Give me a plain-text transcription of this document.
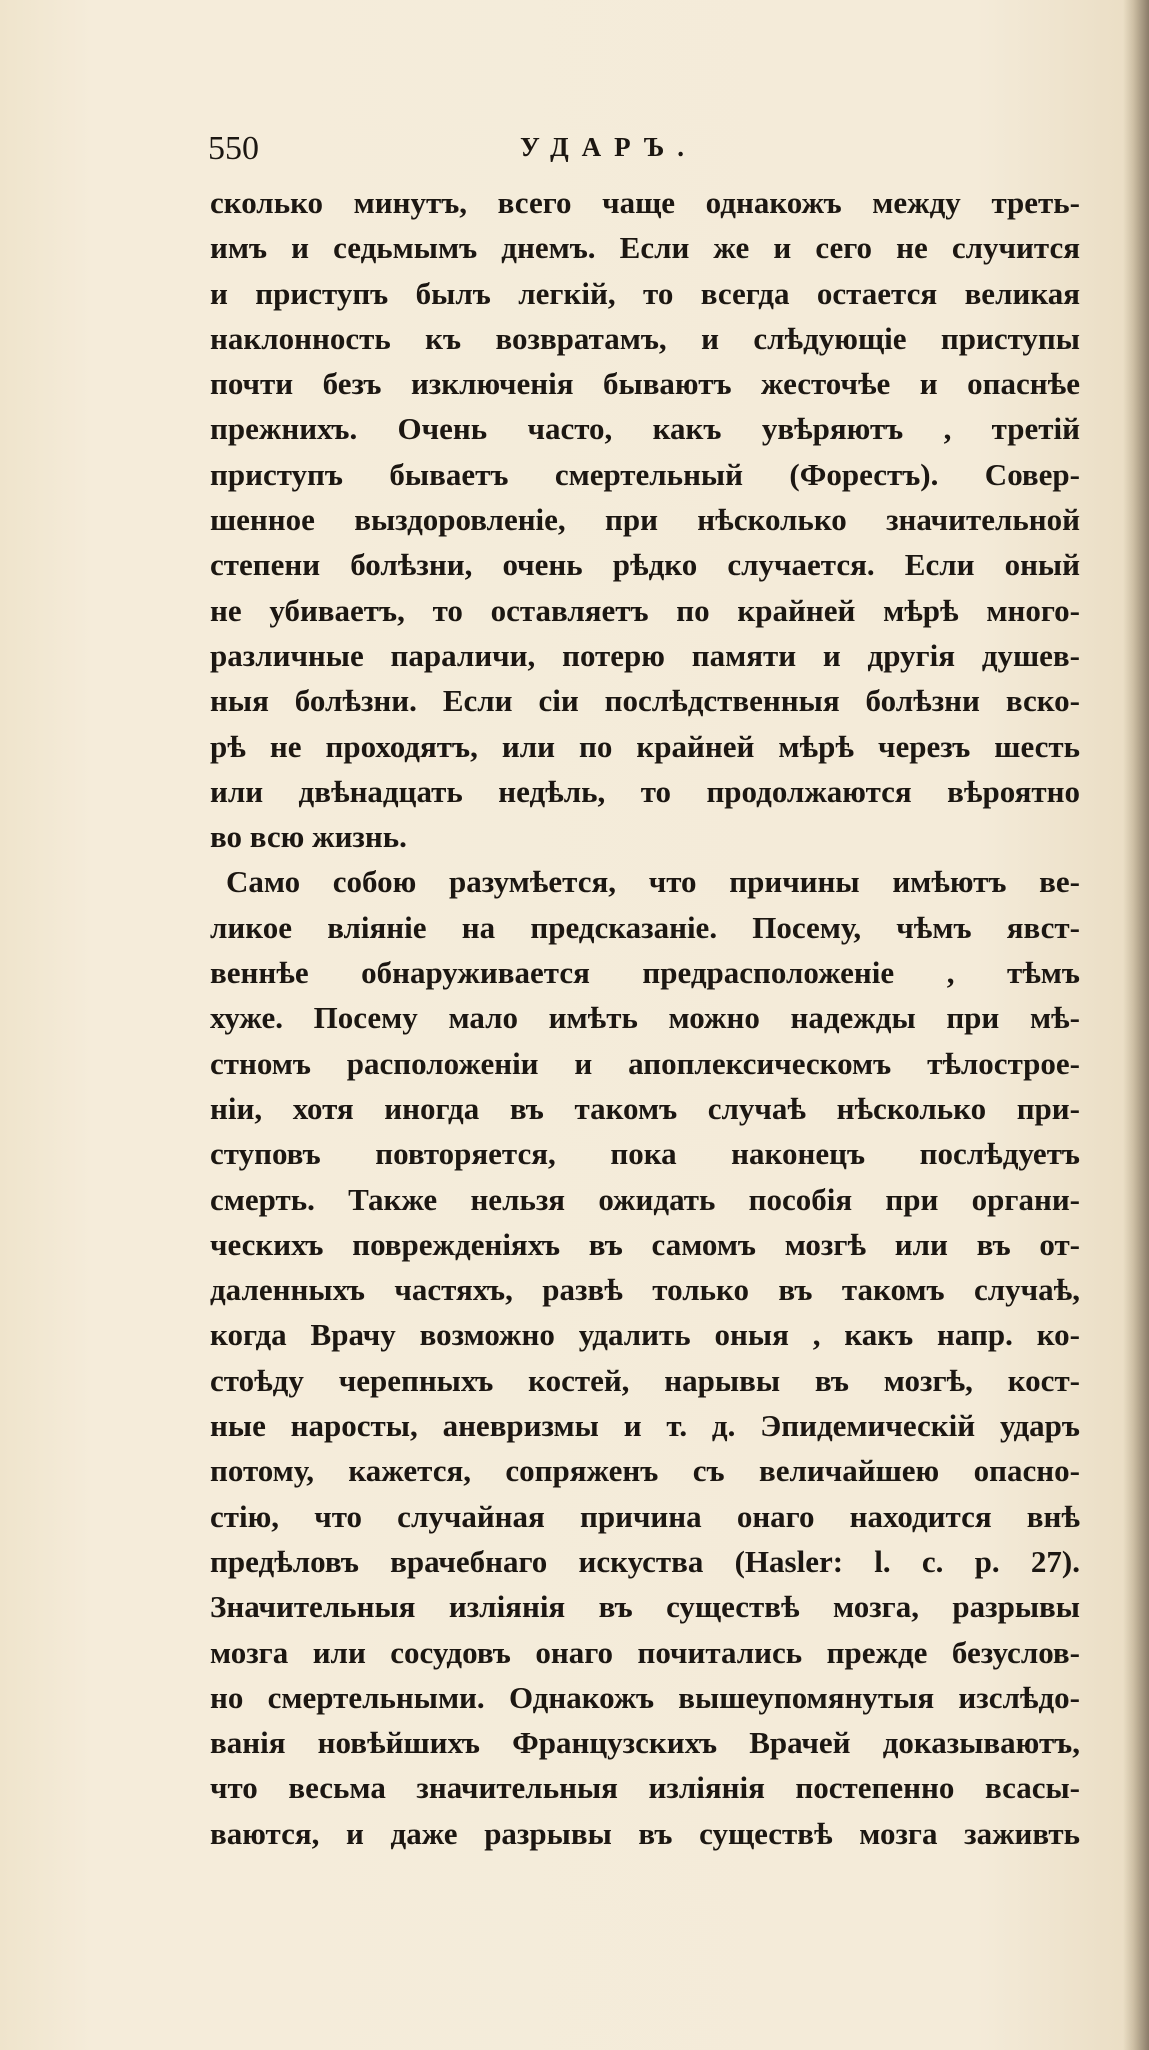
550	УДАРЪ.
сколько минутъ, всего чаще однакожъ между треть-
имъ и седьмымъ днемъ. Если же и сего не случится
и приступъ былъ легкій, то всегда остается великая
наклонность къ возвратамъ, и слѣдующіе приступы
почти безъ изключенія бываютъ жесточѣе и опаснѣе
прежнихъ. Очень часто, какъ увѣряютъ , третій
приступъ бываетъ смертельный (Форестъ). Совер-
шенное выздоровленіе, при нѣсколько значительной
степени болѣзни, очень рѣдко случается. Если оный
не убиваетъ, то оставляетъ по крайней мѣрѣ много-
различные параличи, потерю памяти и другія душев-
ныя болѣзни. Если сіи послѣдственныя болѣзни вско-
рѣ не проходятъ, или по крайней мѣрѣ черезъ шесть
или двѣнадцать недѣль, то продолжаются вѣроятно
во всю жизнь.
Само собою разумѣется, что причины имѣютъ ве-
ликое вліяніе на предсказаніе. Посему, чѣмъ явст-
веннѣе обнаруживается предрасположеніе , тѣмъ
хуже. Посему мало имѣть можно надежды при мѣ-
стномъ расположеніи и апоплексическомъ тѣлостроe-
ніи, хотя иногда въ такомъ случаѣ нѣсколько при-
ступовъ повторяется, пока наконецъ послѣдуетъ
смерть. Также нельзя ожидать пособія при органи-
ческихъ поврежденіяхъ въ самомъ мозгѣ или въ от-
даленныхъ частяхъ, развѣ только въ такомъ случаѣ,
когда Врачу возможно удалить оныя , какъ напр. ко-
стоѣду черепныхъ костей, нарывы въ мозгѣ, кост-
ные наросты, аневризмы и т. д. Эпидемическій ударъ
потому, кажется, сопряженъ съ величайшею опасно-
стію, что случайная причина онаго находится внѣ
предѣловъ врачебнаго искуства (Hasler: l. c. p. 27).
Значительныя изліянія въ существѣ мозга, разрывы
мозга или сосудовъ онаго почитались прежде безуслов-
но смертельными. Однакожъ вышеупомянутыя изслѣдо-
ванія новѣйшихъ Французскихъ Врачей доказываютъ,
что весьма значительныя изліянія постепенно всасы-
ваются, и даже разрывы въ существѣ мозга заживть
